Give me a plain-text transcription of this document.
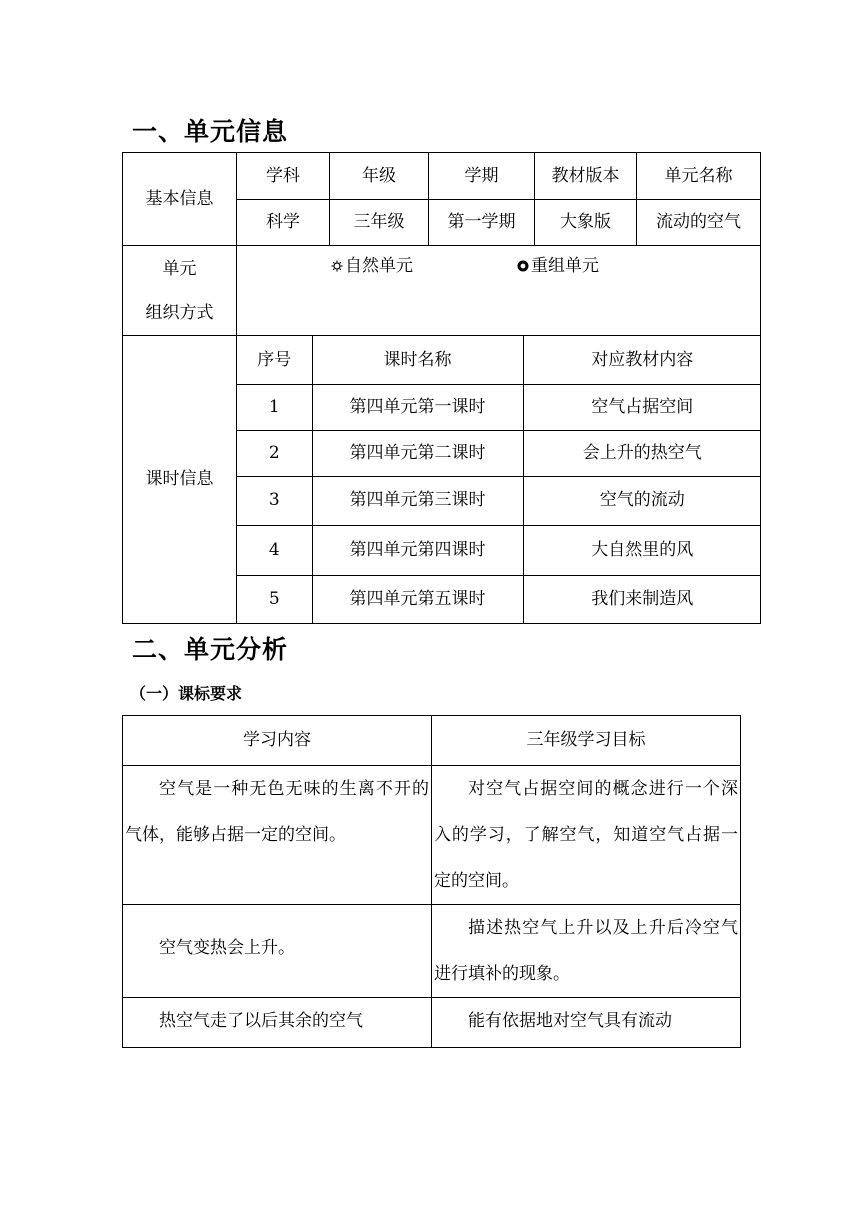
一、单元信息
基本信息	学科	年级	学期	教材版本	单元名称
科学	三年级	第一学期	大象版	流动的空气

单元
组织方式

自然单元	重组单元

课时信息	
序号	课时名称	对应教材内容
1	第四单元第一课时	空气占据空间
2	第四单元第二课时	会上升的热空气
3	第四单元第三课时	空气的流动
4	第四单元第四课时	大自然里的风
5	第四单元第五课时	我们来制造风
二、单元分析
（一）课标要求
学习内容	三年级学习目标

空气是一种无色无味的生离不开的气体，能够占据一定的空间。	对空气占据空间的概念进行一个深入的学习，了解空气，知道空气占据一定的空间。

空气变热会上升。	描述热空气上升以及上升后冷空气进行填补的现象。

热空气走了以后其余的空气	能有依据地对空气具有流动
